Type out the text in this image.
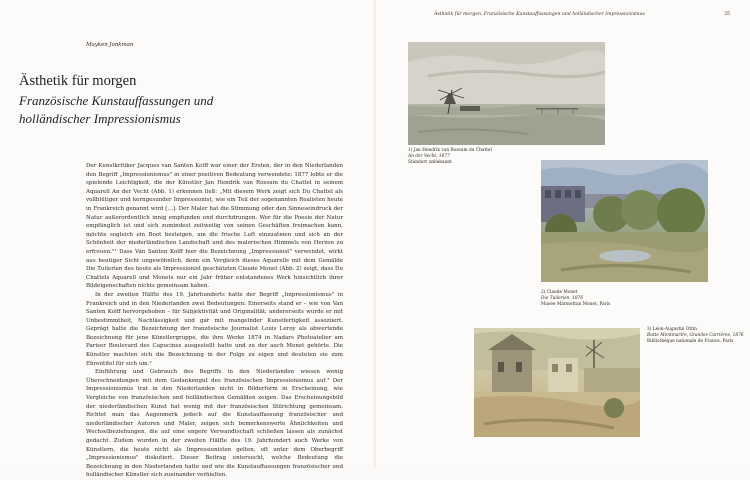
Ästhetik für morgen. Französische Kunstauffassungen und holländischer Impressionismus	35
Mayken Jonkman
Ästhetik für morgen
Französische Kunstauffassungen und holländischer Impressionismus

Der Kunstkritiker Jacques van Santen Kolff war einer der Ersten, der in den Niederlanden den Begriff „Impressionismus" in einer positiven Bedeutung verwendete: 1877 lobte er die spielende Leichtigkeit, die der Künstler Jan Hendrik van Rossum du Chattel in seinem Aquarell An der Vecht (Abb. 1) erkennen ließ: „Mit diesem Werk zeigt sich Du Chattel als vollblütiger und kerngesunder Impressionist, wie ein Teil der sogenannten Realisten heute in Frankreich genannt wird […]. Der Maler hat die Stimmung oder den Sinneseindruck der Natur außerordentlich innig empfunden und durchdrungen. Wer für die Poesie der Natur empfänglich ist und sich zumindest zeitweilig von seinen Geschäften freimachen kann, möchte sogleich ein Boot besteigen, um die frische Luft einzuatmen und sich an der Schönheit der niederländischen Landschaft und des malerischen Himmels von Herzen zu erfreuen."¹ Dass Van Santen Kolff hier die Bezeichnung „Impressionist" verwendet, wirkt aus heutiger Sicht ungewöhnlich, denn ein Vergleich dieses Aquarells mit dem Gemälde Die Tuilerien des heute als Impressionist geschätzten Claude Monet (Abb. 2) zeigt, dass Du Chattels Aquarell und Monets nur ein Jahr früher entstandenes Werk hinsichtlich ihrer Bildeigenschaften nichts gemeinsam haben.

In der zweiten Hälfte des 19. Jahrhunderts hatte der Begriff „Impressionismus" in Frankreich und in den Niederlanden zwei Bedeutungen: Einerseits stand er – wie von Van Santen Kolff hervorgehoben – für Subjektivität und Originalität; andererseits wurde er mit Unbestimmtheit, Nachlässigkeit und gar mit mangelnder Kunstfertigkeit assoziiert. Geprägt hatte die Bezeichnung der französische Journalist Louis Leroy als abwertende Bezeichnung für jene Künstlergruppe, die ihre Werke 1874 in Nadars Photoatelier am Pariser Boulevard des Capucines ausgestellt hatte und zu der auch Monet gehörte. Die Künstler machten sich die Bezeichnung in der Folge zu eigen und deuteten sie zum Ehrentitel für sich um.²

Einführung und Gebrauch des Begriffs in den Niederlanden wiesen wenig Überschneidungen mit dem Gedankengut des französischen Impressionismus auf.³ Der Impressionismus trat in den Niederlanden nicht in Bilderform in Erscheinung, wie Vergleiche von französischen und holländischen Gemälden zeigen. Das Erscheinungsbild der niederländischen Kunst hat wenig mit der französischen Stilrichtung gemeinsam. Richtet man das Augenmerk jedoch auf die Kunstauffassung französischer und niederländischer Autoren und Maler, zeigen sich bemerkenswerte Ähnlichkeiten und Wechselbeziehungen, die auf eine engere Verwandtschaft schließen lassen als zunächst gedacht. Zudem wurden in der zweiten Hälfte des 19. Jahrhundert auch Werke von Künstlern, die heute nicht als Impressionisten gelten, oft unter dem Oberbegriff „Impressionismus" diskutiert. Dieser Beitrag untersucht, welche Bedeutung die Bezeichnung in den Niederlanden hatte und wie die Kunstauffassungen französischer und holländischer Künstler sich zueinander verhielten.

1) Jan Hendrik van Rossum du Chattel
An der Vecht, 1877
Standort unbekannt
2) Claude Monet
Die Tuilerien, 1876
Musée Marmottan Monet, Paris
3) Léon-Augustin Ottin
Butte Montmartre, Grandes Carrières, 1876
Bibliothèque nationale de France, Paris
